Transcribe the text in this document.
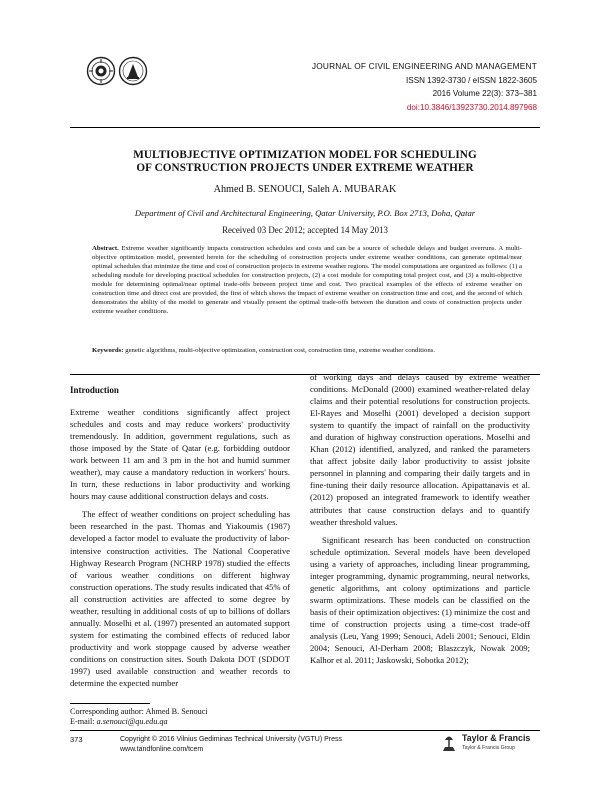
JOURNAL OF CIVIL ENGINEERING AND MANAGEMENT
ISSN 1392-3730 / eISSN 1822-3605
2016 Volume 22(3): 373–381
doi:10.3846/13923730.2014.897968
MULTIOBJECTIVE OPTIMIZATION MODEL FOR SCHEDULING
OF CONSTRUCTION PROJECTS UNDER EXTREME WEATHER
Ahmed B. SENOUCI, Saleh A. MUBARAK
Department of Civil and Architectural Engineering, Qatar University, P.O. Box 2713, Doha, Qatar
Received 03 Dec 2012; accepted 14 May 2013
Abstract. Extreme weather significantly impacts construction schedules and costs and can be a source of schedule delays and budget overruns. A multi-objective optimization model, presented herein for the scheduling of construction projects under extreme weather conditions, can generate optimal/near optimal schedules that minimize the time and cost of construction projects in extreme weather regions. The model computations are organized as follows: (1) a scheduling module for developing practical schedules for construction projects, (2) a cost module for computing total project cost, and (3) a multi-objective module for determining optimal/near optimal trade-offs between project time and cost. Two practical examples of the effects of extreme weather on construction time and direct cost are provided, the first of which shows the impact of extreme weather on construction time and cost, and the second of which demonstrates the ability of the model to generate and visually present the optimal trade-offs between the duration and costs of construction projects under extreme weather conditions.
Keywords: genetic algorithms, multi-objective optimization, construction cost, construction time, extreme weather conditions.
Introduction

Extreme weather conditions significantly affect project schedules and costs and may reduce workers' productivity tremendously. In addition, government regulations, such as those imposed by the State of Qatar (e.g. forbidding outdoor work between 11 am and 3 pm in the hot and humid summer weather), may cause a mandatory reduction in workers' hours. In turn, these reductions in labor productivity and working hours may cause additional construction delays and costs.

The effect of weather conditions on project scheduling has been researched in the past. Thomas and Yiakoumis (1987) developed a factor model to evaluate the productivity of labor-intensive construction activities. The National Cooperative Highway Research Program (NCHRP 1978) studied the effects of various weather conditions on different highway construction operations. The study results indicated that 45% of all construction activities are affected to some degree by weather, resulting in additional costs of up to billions of dollars annually. Moselhi et al. (1997) presented an automated support system for estimating the combined effects of reduced labor productivity and work stoppage caused by adverse weather conditions on construction sites. South Dakota DOT (SDDOT 1997) used available construction and weather records to determine the expected number

of working days and delays caused by extreme weather conditions. McDonald (2000) examined weather-related delay claims and their potential resolutions for construction projects. El-Rayes and Moselhi (2001) developed a decision support system to quantify the impact of rainfall on the productivity and duration of highway construction operations. Moselhi and Khan (2012) identified, analyzed, and ranked the parameters that affect jobsite daily labor productivity to assist jobsite personnel in planning and comparing their daily targets and in fine-tuning their daily resource allocation. Apipattanavis et al. (2012) proposed an integrated framework to identify weather attributes that cause construction delays and to quantify weather threshold values.

Significant research has been conducted on construction schedule optimization. Several models have been developed using a variety of approaches, including linear programming, integer programming, dynamic programming, neural networks, genetic algorithms, ant colony optimizations and particle swarm optimizations. These models can be classified on the basis of their optimization objectives: (1) minimize the cost and time of construction projects using a time-cost trade-off analysis (Leu, Yang 1999; Senouci, Adeli 2001; Senouci, Eldin 2004; Senouci, Al-Derham 2008; Blaszczyk, Nowak 2009; Kalhor et al. 2011; Jaskowski, Sobotka 2012);

Corresponding author: Ahmed B. Senouci
E-mail: a.senouci@qu.edu.qa
373	Copyright © 2016 Vilnius Gediminas Technical University (VGTU) Press
www.tandfonline.com/tcem
Taylor & Francis
Taylor & Francis Group
